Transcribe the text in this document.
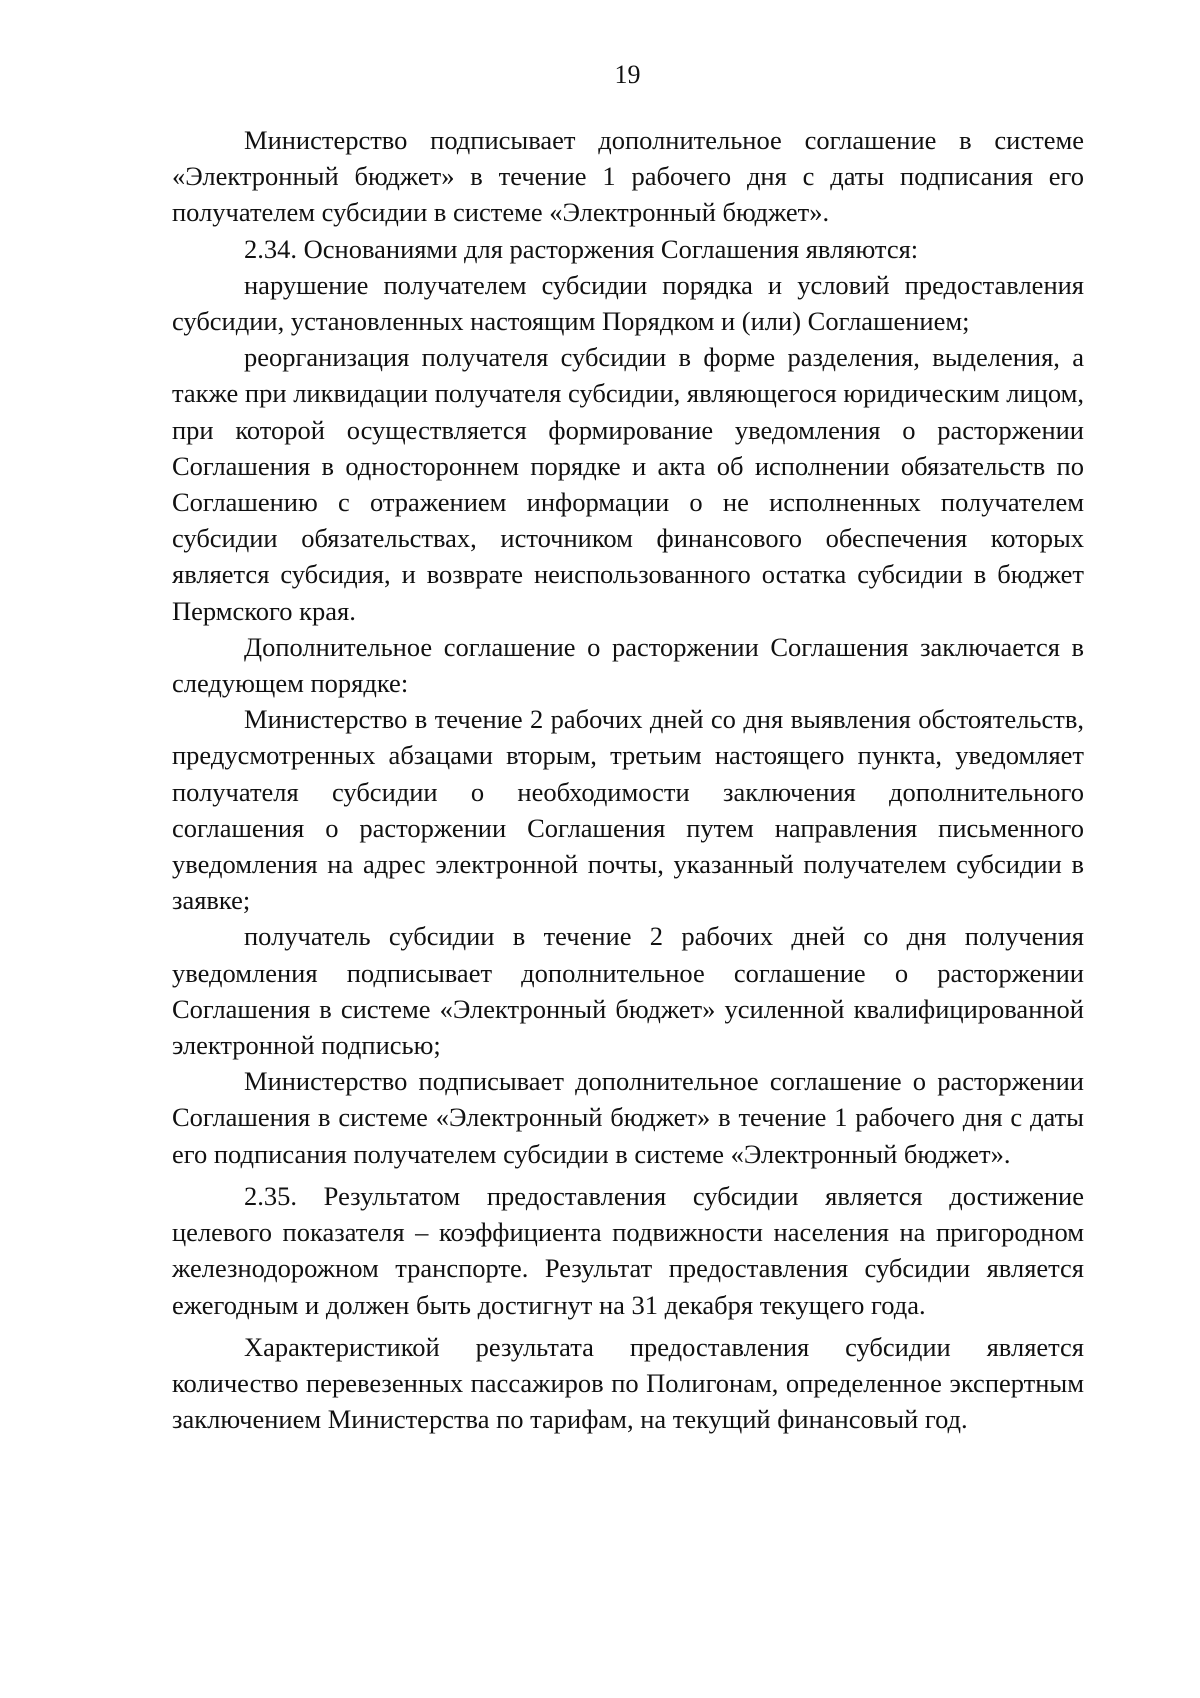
19

Министерство подписывает дополнительное соглашение в системе «Электронный бюджет» в течение 1 рабочего дня с даты подписания его получателем субсидии в системе «Электронный бюджет».

2.34. Основаниями для расторжения Соглашения являются:

нарушение получателем субсидии порядка и условий предоставления субсидии, установленных настоящим Порядком и (или) Соглашением;

реорганизация получателя субсидии в форме разделения, выделения, а также при ликвидации получателя субсидии, являющегося юридическим лицом, при которой осуществляется формирование уведомления о расторжении Соглашения в одностороннем порядке и акта об исполнении обязательств по Соглашению с отражением информации о не исполненных получателем субсидии обязательствах, источником финансового обеспечения которых является субсидия, и возврате неиспользованного остатка субсидии в бюджет Пермского края.

Дополнительное соглашение о расторжении Соглашения заключается в следующем порядке:

Министерство в течение 2 рабочих дней со дня выявления обстоятельств, предусмотренных абзацами вторым, третьим настоящего пункта, уведомляет получателя субсидии о необходимости заключения дополнительного соглашения о расторжении Соглашения путем направления письменного уведомления на адрес электронной почты, указанный получателем субсидии в заявке;

получатель субсидии в течение 2 рабочих дней со дня получения уведомления подписывает дополнительное соглашение о расторжении Соглашения в системе «Электронный бюджет» усиленной квалифицированной электронной подписью;

Министерство подписывает дополнительное соглашение о расторжении Соглашения в системе «Электронный бюджет» в течение 1 рабочего дня с даты его подписания получателем субсидии в системе «Электронный бюджет».

2.35. Результатом предоставления субсидии является достижение целевого показателя – коэффициента подвижности населения на пригородном железнодорожном транспорте. Результат предоставления субсидии является ежегодным и должен быть достигнут на 31 декабря текущего года.

Характеристикой результата предоставления субсидии является количество перевезенных пассажиров по Полигонам, определенное экспертным заключением Министерства по тарифам, на текущий финансовый год.
